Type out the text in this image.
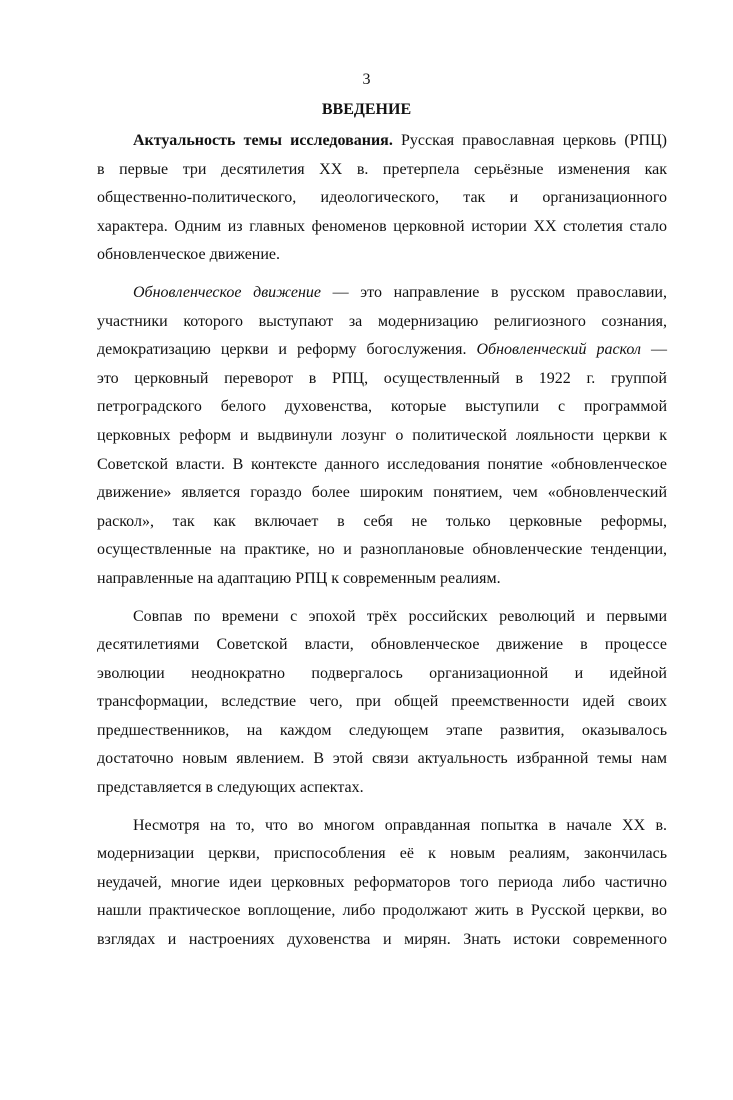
3
ВВЕДЕНИЕ

Актуальность темы исследования. Русская православная церковь (РПЦ)
в первые три десятилетия XX в. претерпела серьёзные изменения как
общественно-политического, идеологического, так и организационного
характера. Одним из главных феноменов церковной истории XX столетия стало
обновленческое движение.

Обновленческое движение — это направление в русском православии,
участники которого выступают за модернизацию религиозного сознания,
демократизацию церкви и реформу богослужения. Обновленческий раскол —
это церковный переворот в РПЦ, осуществленный в 1922 г. группой
петроградского белого духовенства, которые выступили с программой
церковных реформ и выдвинули лозунг о политической лояльности церкви к
Советской власти. В контексте данного исследования понятие «обновленческое
движение» является гораздо более широким понятием, чем «обновленческий
раскол», так как включает в себя не только церковные реформы,
осуществленные на практике, но и разноплановые обновленческие тенденции,
направленные на адаптацию РПЦ к современным реалиям.

Совпав по времени с эпохой трёх российских революций и первыми
десятилетиями Советской власти, обновленческое движение в процессе
эволюции неоднократно подвергалось организационной и идейной
трансформации, вследствие чего, при общей преемственности идей своих
предшественников, на каждом следующем этапе развития, оказывалось
достаточно новым явлением. В этой связи актуальность избранной темы нам
представляется в следующих аспектах.

Несмотря на то, что во многом оправданная попытка в начале XX в.
модернизации церкви, приспособления её к новым реалиям, закончилась
неудачей, многие идеи церковных реформаторов того периода либо частично
нашли практическое воплощение, либо продолжают жить в Русской церкви, во
взглядах и настроениях духовенства и мирян. Знать истоки современного
